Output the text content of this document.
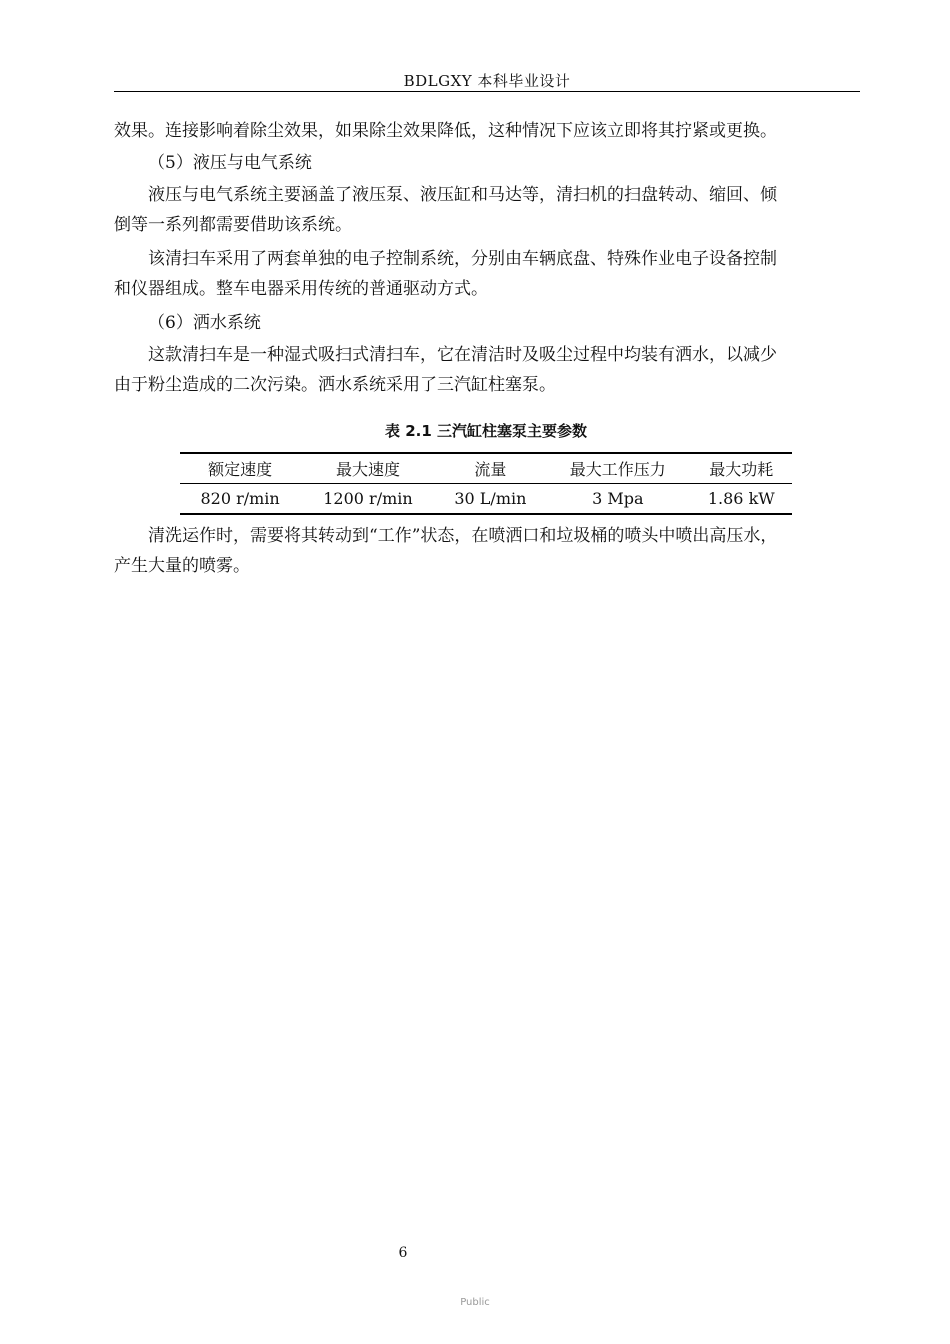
BDLGXY 本科毕业设计

效果。连接影响着除尘效果，如果除尘效果降低，这种情况下应该立即将其拧紧或更换。

（5）液压与电气系统

液压与电气系统主要涵盖了液压泵、液压缸和马达等，清扫机的扫盘转动、缩回、倾
倒等一系列都需要借助该系统。

该清扫车采用了两套单独的电子控制系统，分别由车辆底盘、特殊作业电子设备控制
和仪器组成。整车电器采用传统的普通驱动方式。

（6）洒水系统

这款清扫车是一种湿式吸扫式清扫车，它在清洁时及吸尘过程中均装有洒水，以减少
由于粉尘造成的二次污染。洒水系统采用了三汽缸柱塞泵。

表 2.1 三汽缸柱塞泵主要参数
额定速度	最大速度	流量	最大工作压力	最大功耗
820 r/min	1200 r/min	30 L/min	3 Mpa	1.86 kW

清洗运作时，需要将其转动到“工作”状态，在喷洒口和垃圾桶的喷头中喷出高压水，
产生大量的喷雾。

6
Public
